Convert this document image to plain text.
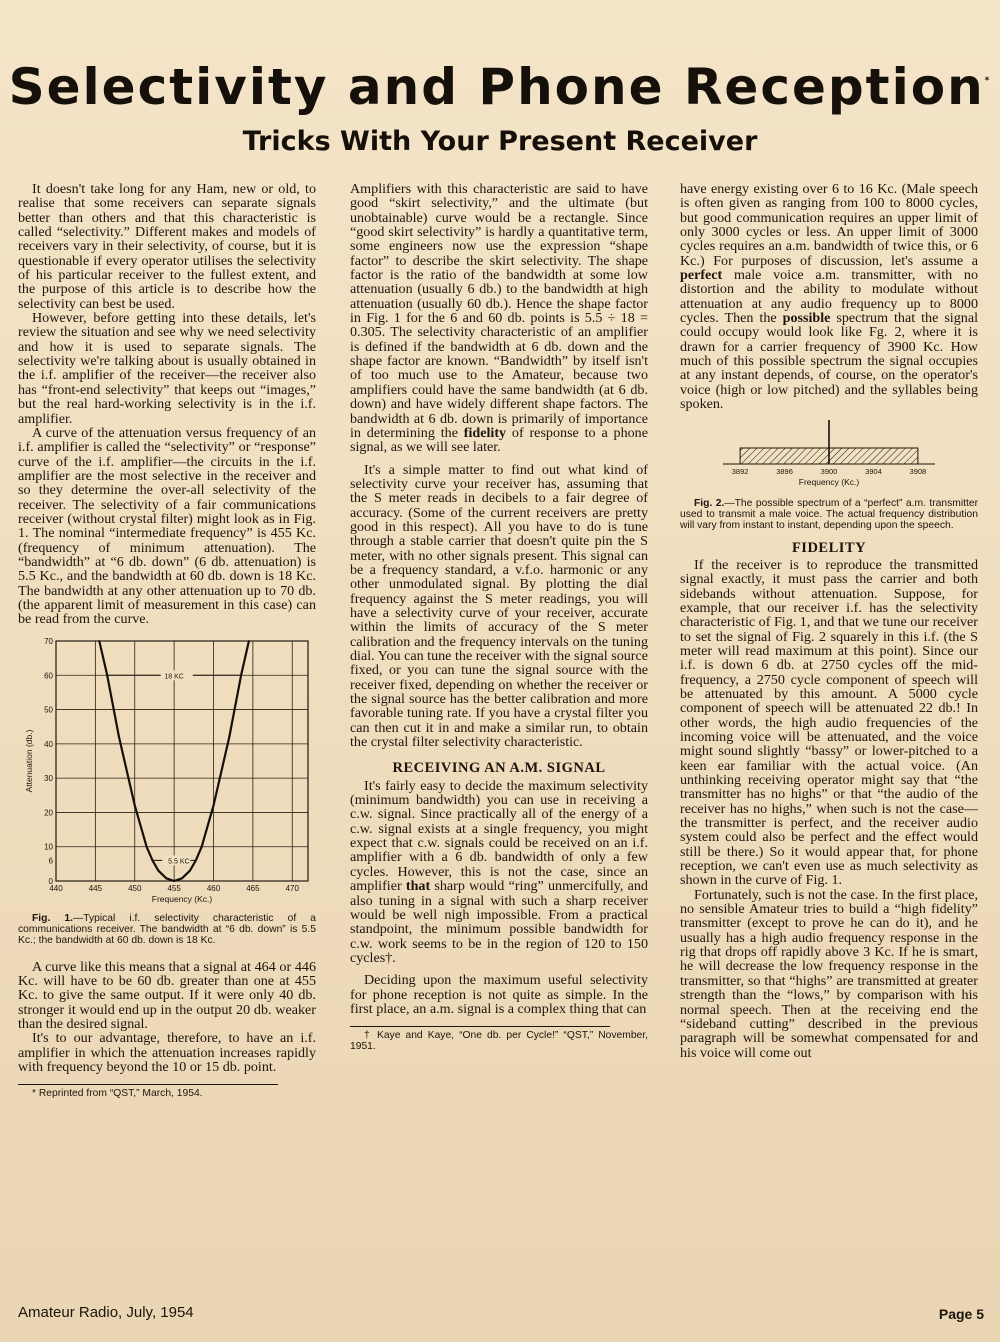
Selectivity and Phone Reception*
Tricks With Your Present Receiver

It doesn't take long for any Ham, new or old, to realise that some receivers can separate signals better than others and that this characteristic is called “selectivity.” Different makes and models of receivers vary in their selectivity, of course, but it is questionable if every operator utilises the selectivity of his particular receiver to the fullest extent, and the purpose of this article is to describe how the selectivity can best be used.

However, before getting into these details, let's review the situation and see why we need selectivity and how it is used to separate signals. The selectivity we're talking about is usually obtained in the i.f. amplifier of the receiver—the receiver also has “front-end selectivity” that keeps out “images,” but the real hard-working selectivity is in the i.f. amplifier.

A curve of the attenuation versus frequency of an i.f. amplifier is called the “selectivity” or “response” curve of the i.f. amplifier—the circuits in the i.f. amplifier are the most selective in the receiver and so they determine the over-all selectivity of the receiver. The selectivity of a fair communications receiver (without crystal filter) might look as in Fig. 1. The nominal “intermediate frequency” is 455 Kc. (frequency of minimum attenuation). The “bandwidth” at “6 db. down” (6 db. attenuation) is 5.5 Kc., and the bandwidth at 60 db. down is 18 Kc. The bandwidth at any other attenuation up to 70 db. (the apparent limit of measurement in this case) can be read from the curve.

70
60
50
40
30
20
10
6
0
440	445	450	455	460	465	470
Frequency (Kc.)
Attenuation (db.)
18 KC
5.5 KC

Fig. 1.—Typical i.f. selectivity characteristic of a communications receiver. The bandwidth at “6 db. down” is 5.5 Kc.; the bandwidth at 60 db. down is 18 Kc.

A curve like this means that a signal at 464 or 446 Kc. will have to be 60 db. greater than one at 455 Kc. to give the same output. If it were only 40 db. stronger it would end up in the output 20 db. weaker than the desired signal.

It's to our advantage, therefore, to have an i.f. amplifier in which the attenuation increases rapidly with frequency beyond the 10 or 15 db. point.

* Reprinted from “QST,” March, 1954.

Amplifiers with this characteristic are said to have good “skirt selectivity,” and the ultimate (but unobtainable) curve would be a rectangle. Since “good skirt selectivity” is hardly a quantitative term, some engineers now use the expression “shape factor” to describe the skirt selectivity. The shape factor is the ratio of the bandwidth at some low attenuation (usually 6 db.) to the bandwidth at high attenuation (usually 60 db.). Hence the shape factor in Fig. 1 for the 6 and 60 db. points is 5.5 ÷ 18 = 0.305. The selectivity characteristic of an amplifier is defined if the bandwidth at 6 db. down and the shape factor are known. “Bandwidth” by itself isn't of too much use to the Amateur, because two amplifiers could have the same bandwidth (at 6 db. down) and have widely different shape factors. The bandwidth at 6 db. down is primarily of importance in determining the fidelity of response to a phone signal, as we will see later.

It's a simple matter to find out what kind of selectivity curve your receiver has, assuming that the S meter reads in decibels to a fair degree of accuracy. (Some of the current receivers are pretty good in this respect). All you have to do is tune through a stable carrier that doesn't quite pin the S meter, with no other signals present. This signal can be a frequency standard, a v.f.o. harmonic or any other unmodulated signal. By plotting the dial frequency against the S meter readings, you will have a selectivity curve of your receiver, accurate within the limits of accuracy of the S meter calibration and the frequency intervals on the tuning dial. You can tune the receiver with the signal source fixed, or you can tune the signal source with the receiver fixed, depending on whether the receiver or the signal source has the better calibration and more favorable tuning rate. If you have a crystal filter you can then cut it in and make a similar run, to obtain the crystal filter selectivity characteristic.

RECEIVING AN A.M. SIGNAL

It's fairly easy to decide the maximum selectivity (minimum bandwidth) you can use in receiving a c.w. signal. Since practically all of the energy of a c.w. signal exists at a single frequency, you might expect that c.w. signals could be received on an i.f. amplifier with a 6 db. bandwidth of only a few cycles. However, this is not the case, since an amplifier that sharp would “ring” unmercifully, and also tuning in a signal with such a sharp receiver would be well nigh impossible. From a practical standpoint, the minimum possible bandwidth for c.w. work seems to be in the region of 120 to 150 cycles†.

Deciding upon the maximum useful selectivity for phone reception is not quite as simple. In the first place, an a.m. signal is a complex thing that can

† Kaye and Kaye, “One db. per Cycle!” “QST,” November, 1951.

have energy existing over 6 to 16 Kc. (Male speech is often given as ranging from 100 to 8000 cycles, but good communication requires an upper limit of only 3000 cycles or less. An upper limit of 3000 cycles requires an a.m. bandwidth of twice this, or 6 Kc.) For purposes of discussion, let's assume a perfect male voice a.m. transmitter, with no distortion and the ability to modulate without attenuation at any audio frequency up to 8000 cycles. Then the possible spectrum that the signal could occupy would look like Fg. 2, where it is drawn for a carrier frequency of 3900 Kc. How much of this possible spectrum the signal occupies at any instant depends, of course, on the operator's voice (high or low pitched) and the syllables being spoken.

3892	3896	3900	3904	3908
Frequency (Kc.)

Fig. 2.—The possible spectrum of a “perfect” a.m. transmitter used to transmit a male voice. The actual frequency distribution will vary from instant to instant, depending upon the speech.

FIDELITY

If the receiver is to reproduce the transmitted signal exactly, it must pass the carrier and both sidebands without attenuation. Suppose, for example, that our receiver i.f. has the selectivity characteristic of Fig. 1, and that we tune our receiver to set the signal of Fig. 2 squarely in this i.f. (the S meter will read maximum at this point). Since our i.f. is down 6 db. at 2750 cycles off the mid-frequency, a 2750 cycle component of speech will be attenuated by this amount. A 5000 cycle component of speech will be attenuated 22 db.! In other words, the high audio frequencies of the incoming voice will be attenuated, and the voice might sound slightly “bassy” or lower-pitched to a keen ear familiar with the actual voice. (An unthinking receiving operator might say that “the transmitter has no highs” or that “the audio of the receiver has no highs,” when such is not the case—the transmitter is perfect, and the receiver audio system could also be perfect and the effect would still be there.) So it would appear that, for phone reception, we can't even use as much selectivity as shown in the curve of Fig. 1.

Fortunately, such is not the case. In the first place, no sensible Amateur tries to build a “high fidelity” transmitter (except to prove he can do it), and he usually has a high audio frequency response in the rig that drops off rapidly above 3 Kc. If he is smart, he will decrease the low frequency response in the transmitter, so that “highs” are transmitted at greater strength than the “lows,” by comparison with his normal speech. Then at the receiving end the “sideband cutting” described in the previous paragraph will be somewhat compensated for and his voice will come out

Amateur Radio, July, 1954	Page 5
